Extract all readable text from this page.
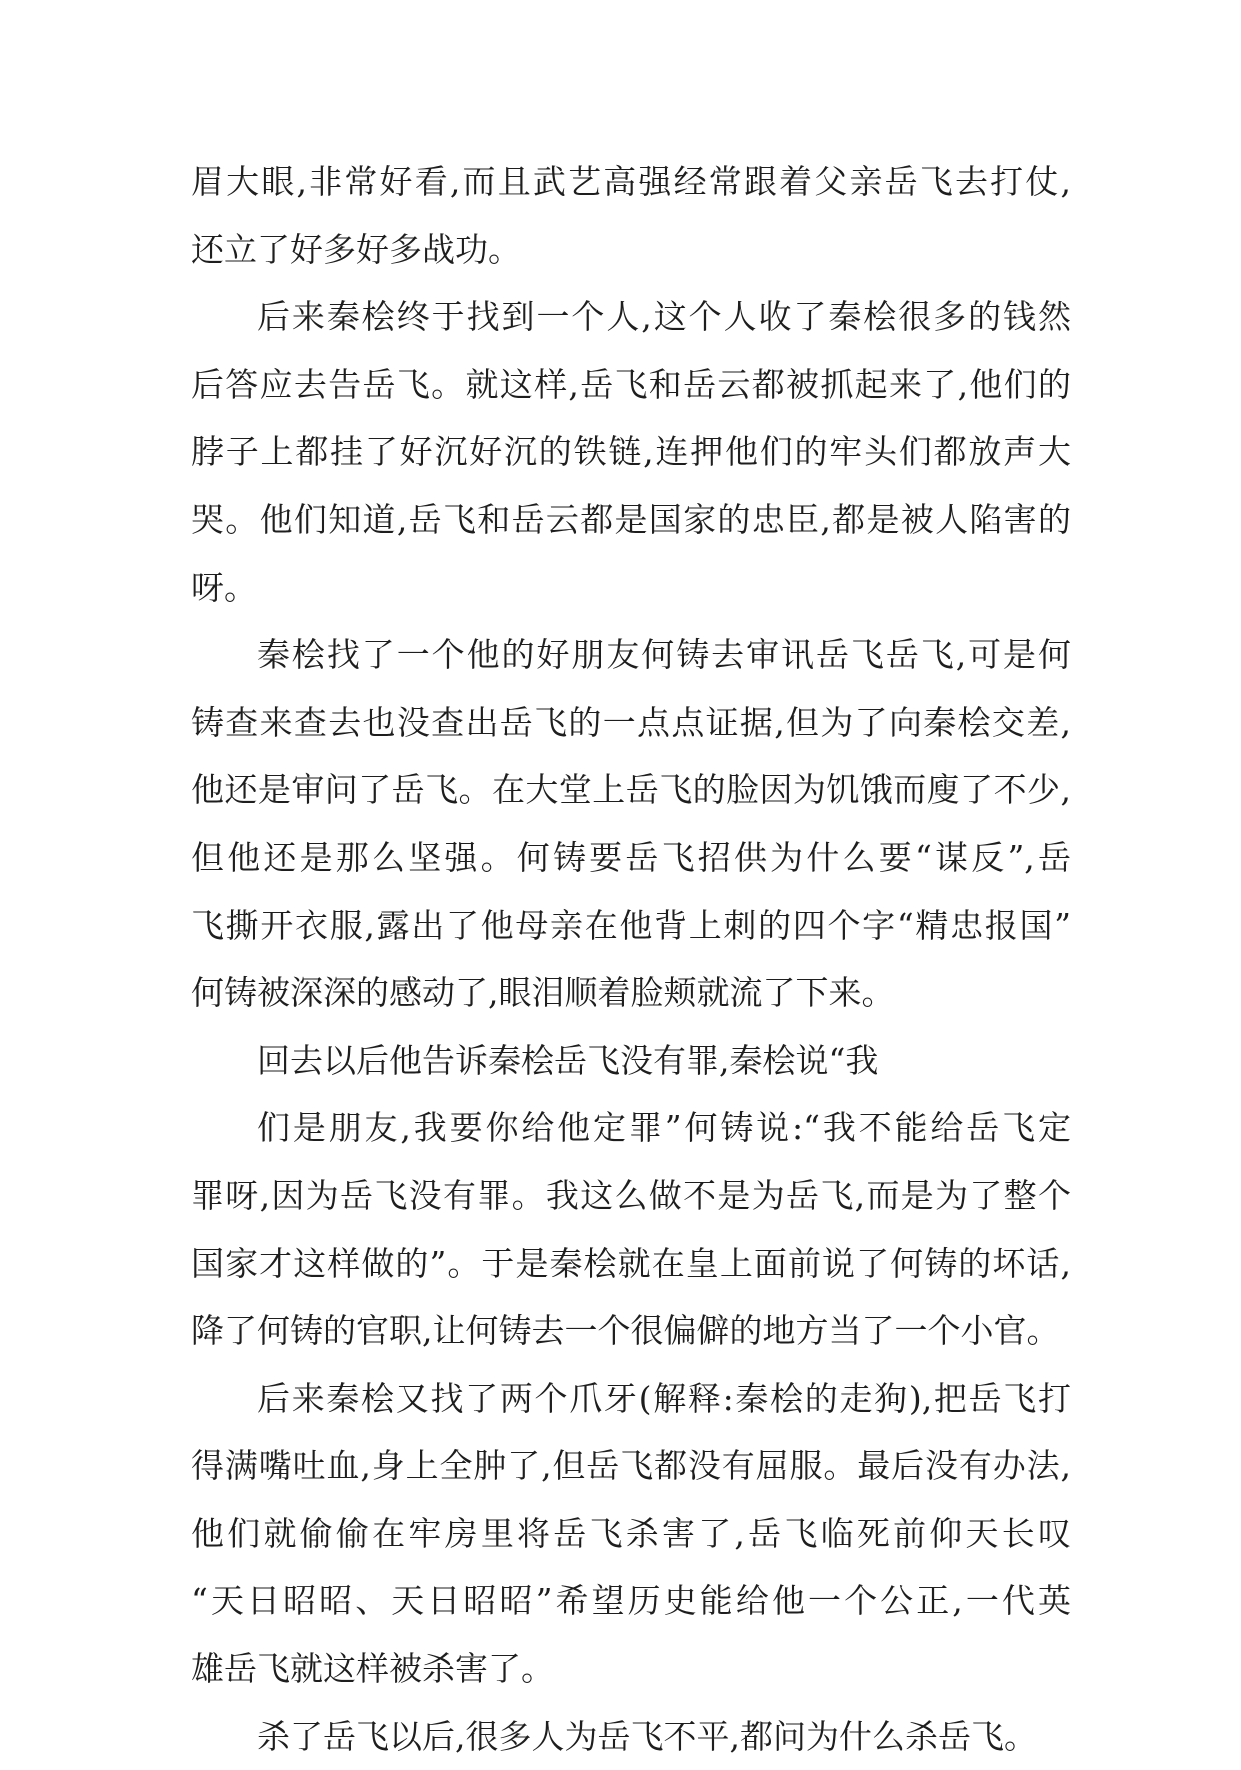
眉大眼,非常好看,而且武艺高强经常跟着父亲岳飞去打仗,
还立了好多好多战功。
后来秦桧终于找到一个人,这个人收了秦桧很多的钱然
后答应去告岳飞。就这样,岳飞和岳云都被抓起来了,他们的
脖子上都挂了好沉好沉的铁链,连押他们的牢头们都放声大
哭。他们知道,岳飞和岳云都是国家的忠臣,都是被人陷害的
呀。
秦桧找了一个他的好朋友何铸去审讯岳飞岳飞,可是何
铸查来查去也没查出岳飞的一点点证据,但为了向秦桧交差,
他还是审问了岳飞。在大堂上岳飞的脸因为饥饿而廋了不少,
但他还是那么坚强。何铸要岳飞招供为什么要“谋反”,岳
飞撕开衣服,露出了他母亲在他背上刺的四个字“精忠报国”
何铸被深深的感动了,眼泪顺着脸颊就流了下来。
回去以后他告诉秦桧岳飞没有罪,秦桧说“我
们是朋友,我要你给他定罪”何铸说:“我不能给岳飞定
罪呀,因为岳飞没有罪。我这么做不是为岳飞,而是为了整个
国家才这样做的”。于是秦桧就在皇上面前说了何铸的坏话,
降了何铸的官职,让何铸去一个很偏僻的地方当了一个小官。
后来秦桧又找了两个爪牙(解释:秦桧的走狗),把岳飞打
得满嘴吐血,身上全肿了,但岳飞都没有屈服。最后没有办法,
他们就偷偷在牢房里将岳飞杀害了,岳飞临死前仰天长叹
“天日昭昭、天日昭昭”希望历史能给他一个公正,一代英
雄岳飞就这样被杀害了。
杀了岳飞以后,很多人为岳飞不平,都问为什么杀岳飞。
